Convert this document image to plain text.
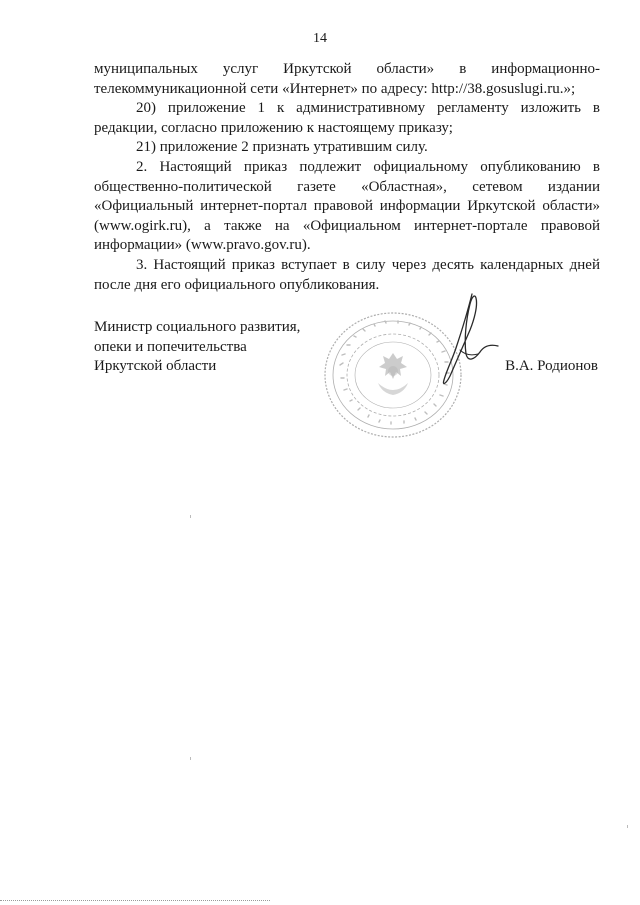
14

муниципальных услуг Иркутской области» в информационно-телекоммуникационной сети «Интернет» по адресу: http://38.gosuslugi.ru.»;

20) приложение 1 к административному регламенту изложить в редакции, согласно приложению к настоящему приказу;

21) приложение 2 признать утратившим силу.

2. Настоящий приказ подлежит официальному опубликованию в общественно-политической газете «Областная», сетевом издании «Официальный интернет-портал правовой информации Иркутской области» (www.ogirk.ru), а также на «Официальном интернет-портале правовой информации» (www.pravo.gov.ru).

3. Настоящий приказ вступает в силу через десять календарных дней после дня его официального опубликования.

Министр социального развития,
опеки и попечительства
Иркутской области	В.А. Родионов
